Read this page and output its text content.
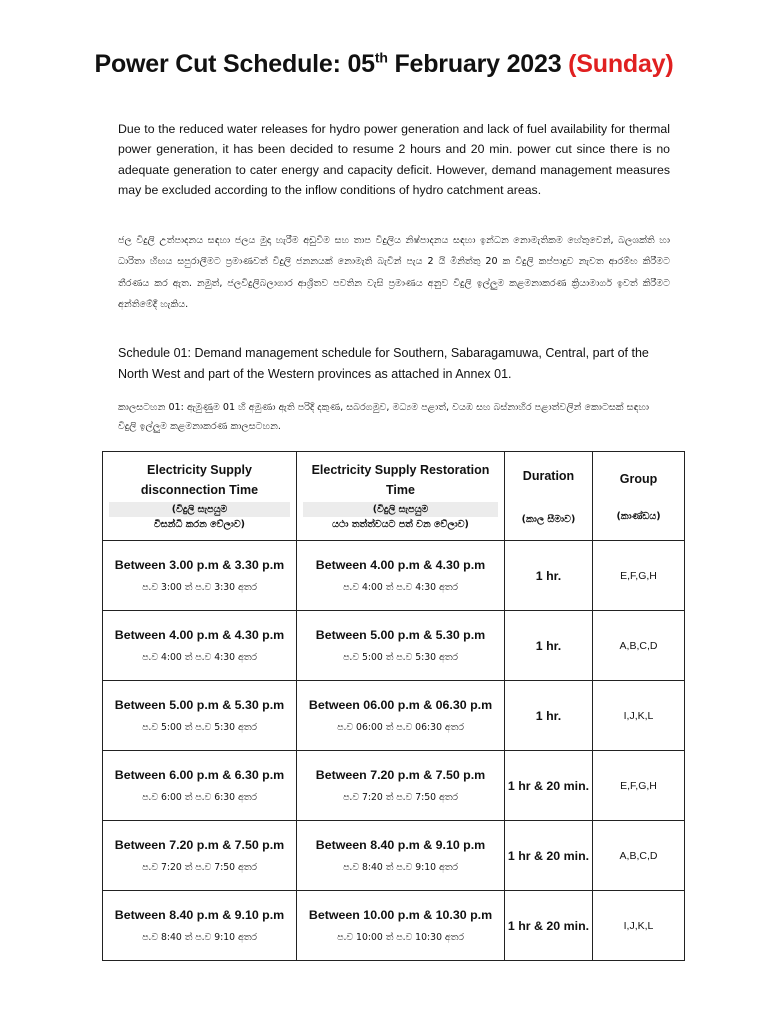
Power Cut Schedule: 05th February 2023 (Sunday)
Due to the reduced water releases for hydro power generation and lack of fuel availability for thermal power generation, it has been decided to resume 2 hours and 20 min. power cut since there is no adequate generation to cater energy and capacity deficit. However, demand management measures may be excluded according to the inflow conditions of hydro catchment areas.
ජල විදුලි උත්පාදනය සඳහා ජලය මුදා හැරීම අඩුවීම සහ තාප විදුලිය නිෂ්පාදනය සඳහා ඉන්ධන නොමැතිකම හේතුවෙන්, බලශක්ති හා ධාරිතා හිඟය සපුරාලීමට ප්‍රමාණවත් විදුලි ජනනයක් නොමැති බැවින් පැය 2 යි මිනිත්තු 20 ක විදුලි කප්පාදුව නැවත ආරම්භ කිරීමට තීරණය කර ඇත. නමුත්, ජලවිදුලිබලාගාර ආශ්‍රිතව පවතින වැසි ප්‍රමාණය අනුව විදුලි ඉල්ලුම කළමනාකරණ ක්‍රියාමාර්ග ඉවත් කිරීමට අන්තිමේදී හැකිය.
Schedule 01: Demand management schedule for Southern, Sabaragamuwa, Central, part of the North West and part of the Western provinces as attached in Annex 01.
කාලසටහන 01: ඇමුණුම 01 හි අමුණා ඇති පරිදි දකුණ, සබරගමුව, මධ්‍යම පළාත්, වයඹ සහ බස්නාහිර පළාත්වලින් කොටසක් සඳහා විදුලි ඉල්ලුම කළමනාකරණ කාලසටහන.
Electricity Supply disconnection Time
(විදුලි සැපයුම
විසන්ධි කරන වේලාව)	Electricity Supply Restoration Time
(විදුලි සැපයුම
යථා තත්ත්වයට පත් වන වේලාව)	Duration
(කාල සීමාව)	Group
(කාණ්ඩය)

Between 3.00 p.m & 3.30 p.m
ප.ව 3:00 ත් ප.ව 3:30 අතර	Between 4.00 p.m & 4.30 p.m
ප.ව 4:00 ත් ප.ව 4:30 අතර	1 hr.	E,F,G,H

Between 4.00 p.m & 4.30 p.m
ප.ව 4:00 ත් ප.ව 4:30 අතර	Between 5.00 p.m & 5.30 p.m
ප.ව 5:00 ත් ප.ව 5:30 අතර	1 hr.	A,B,C,D

Between 5.00 p.m & 5.30 p.m
ප.ව 5:00 ත් ප.ව 5:30 අතර	Between 06.00 p.m & 06.30 p.m
ප.ව 06:00 ත් ප.ව 06:30 අතර	1 hr.	I,J,K,L

Between 6.00 p.m & 6.30 p.m
ප.ව 6:00 ත් ප.ව 6:30 අතර	Between 7.20 p.m & 7.50 p.m
ප.ව 7:20 ත් ප.ව 7:50 අතර	1 hr & 20 min.	E,F,G,H

Between 7.20 p.m & 7.50 p.m
ප.ව 7:20 ත් ප.ව 7:50 අතර	Between 8.40 p.m & 9.10 p.m
ප.ව 8:40 ත් ප.ව 9:10 අතර	1 hr & 20 min.	A,B,C,D

Between 8.40 p.m & 9.10 p.m
ප.ව 8:40 ත් ප.ව 9:10 අතර	Between 10.00 p.m & 10.30 p.m
ප.ව 10:00 ත් ප.ව 10:30 අතර	1 hr & 20 min.	I,J,K,L
